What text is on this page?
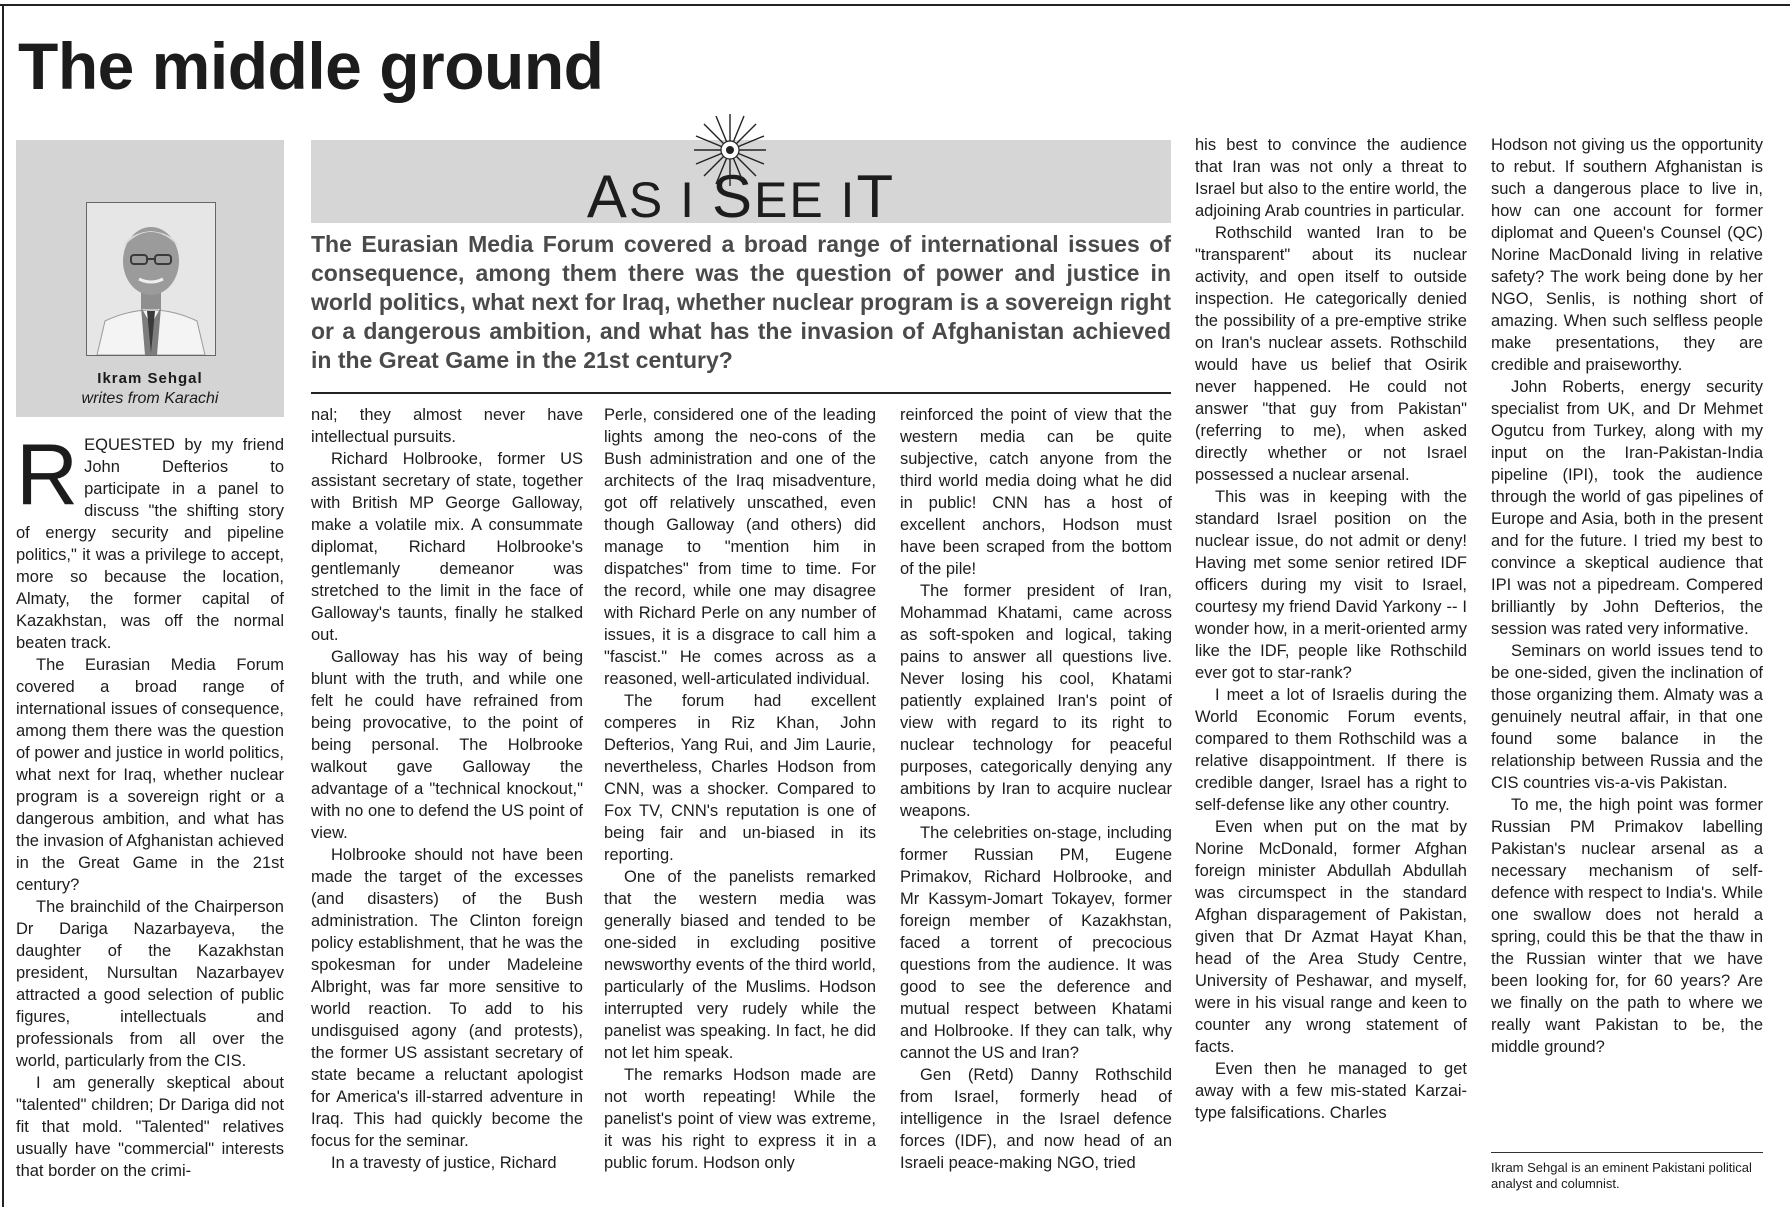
The middle ground
Ikram Sehgal
writes from Karachi
AS I SEE IT

The Eurasian Media Forum covered a broad range of international issues of consequence, among them there was the question of power and justice in world politics, what next for Iraq, whether nuclear program is a sovereign right or a dangerous ambition, and what has the invasion of Afghanistan achieved in the Great Game in the 21st century?

REQUESTED by my friend John Defterios to participate in a panel to discuss "the shifting story of energy security and pipeline politics," it was a privilege to accept, more so because the location, Almaty, the former capital of Kazakhstan, was off the normal beaten track.

The Eurasian Media Forum covered a broad range of international issues of consequence, among them there was the question of power and justice in world politics, what next for Iraq, whether nuclear program is a sovereign right or a dangerous ambition, and what has the invasion of Afghanistan achieved in the Great Game in the 21st century?

The brainchild of the Chairperson Dr Dariga Nazarbayeva, the daughter of the Kazakhstan president, Nursultan Nazarbayev attracted a good selection of public figures, intellectuals and professionals from all over the world, particularly from the CIS.

I am generally skeptical about "talented" children; Dr Dariga did not fit that mold. "Talented" relatives usually have "commercial" interests that border on the crimi-

nal; they almost never have intellectual pursuits.

Richard Holbrooke, former US assistant secretary of state, together with British MP George Galloway, make a volatile mix. A consummate diplomat, Richard Holbrooke's gentlemanly demeanor was stretched to the limit in the face of Galloway's taunts, finally he stalked out.

Galloway has his way of being blunt with the truth, and while one felt he could have refrained from being provocative, to the point of being personal. The Holbrooke walkout gave Galloway the advantage of a "technical knockout," with no one to defend the US point of view.

Holbrooke should not have been made the target of the excesses (and disasters) of the Bush administration. The Clinton foreign policy establishment, that he was the spokesman for under Madeleine Albright, was far more sensitive to world reaction. To add to his undisguised agony (and protests), the former US assistant secretary of state became a reluctant apologist for America's ill-starred adventure in Iraq. This had quickly become the focus for the seminar.

In a travesty of justice, Richard

Perle, considered one of the leading lights among the neo-cons of the Bush administration and one of the architects of the Iraq misadventure, got off relatively unscathed, even though Galloway (and others) did manage to "mention him in dispatches" from time to time. For the record, while one may disagree with Richard Perle on any number of issues, it is a disgrace to call him a "fascist." He comes across as a reasoned, well-articulated individual.

The forum had excellent comperes in Riz Khan, John Defterios, Yang Rui, and Jim Laurie, nevertheless, Charles Hodson from CNN, was a shocker. Compared to Fox TV, CNN's reputation is one of being fair and un-biased in its reporting.

One of the panelists remarked that the western media was generally biased and tended to be one-sided in excluding positive newsworthy events of the third world, particularly of the Muslims. Hodson interrupted very rudely while the panelist was speaking. In fact, he did not let him speak.

The remarks Hodson made are not worth repeating! While the panelist's point of view was extreme, it was his right to express it in a public forum. Hodson only

reinforced the point of view that the western media can be quite subjective, catch anyone from the third world media doing what he did in public! CNN has a host of excellent anchors, Hodson must have been scraped from the bottom of the pile!

The former president of Iran, Mohammad Khatami, came across as soft-spoken and logical, taking pains to answer all questions live. Never losing his cool, Khatami patiently explained Iran's point of view with regard to its right to nuclear technology for peaceful purposes, categorically denying any ambitions by Iran to acquire nuclear weapons.

The celebrities on-stage, including former Russian PM, Eugene Primakov, Richard Holbrooke, and Mr Kassym-Jomart Tokayev, former foreign member of Kazakhstan, faced a torrent of precocious questions from the audience. It was good to see the deference and mutual respect between Khatami and Holbrooke. If they can talk, why cannot the US and Iran?

Gen (Retd) Danny Rothschild from Israel, formerly head of intelligence in the Israel defence forces (IDF), and now head of an Israeli peace-making NGO, tried

his best to convince the audience that Iran was not only a threat to Israel but also to the entire world, the adjoining Arab countries in particular.

Rothschild wanted Iran to be "transparent" about its nuclear activity, and open itself to outside inspection. He categorically denied the possibility of a pre-emptive strike on Iran's nuclear assets. Rothschild would have us belief that Osirik never happened. He could not answer "that guy from Pakistan" (referring to me), when asked directly whether or not Israel possessed a nuclear arsenal.

This was in keeping with the standard Israel position on the nuclear issue, do not admit or deny! Having met some senior retired IDF officers during my visit to Israel, courtesy my friend David Yarkony -- I wonder how, in a merit-oriented army like the IDF, people like Rothschild ever got to star-rank?

I meet a lot of Israelis during the World Economic Forum events, compared to them Rothschild was a relative disappointment. If there is credible danger, Israel has a right to self-defense like any other country.

Even when put on the mat by Norine McDonald, former Afghan foreign minister Abdullah Abdullah was circumspect in the standard Afghan disparagement of Pakistan, given that Dr Azmat Hayat Khan, head of the Area Study Centre, University of Peshawar, and myself, were in his visual range and keen to counter any wrong statement of facts.

Even then he managed to get away with a few mis-stated Karzai-type falsifications. Charles

Hodson not giving us the opportunity to rebut. If southern Afghanistan is such a dangerous place to live in, how can one account for former diplomat and Queen's Counsel (QC) Norine MacDonald living in relative safety? The work being done by her NGO, Senlis, is nothing short of amazing. When such selfless people make presentations, they are credible and praiseworthy.

John Roberts, energy security specialist from UK, and Dr Mehmet Ogutcu from Turkey, along with my input on the Iran-Pakistan-India pipeline (IPI), took the audience through the world of gas pipelines of Europe and Asia, both in the present and for the future. I tried my best to convince a skeptical audience that IPI was not a pipedream. Compered brilliantly by John Defterios, the session was rated very informative.

Seminars on world issues tend to be one-sided, given the inclination of those organizing them. Almaty was a genuinely neutral affair, in that one found some balance in the relationship between Russia and the CIS countries vis-a-vis Pakistan.

To me, the high point was former Russian PM Primakov labelling Pakistan's nuclear arsenal as a necessary mechanism of self-defence with respect to India's. While one swallow does not herald a spring, could this be that the thaw in the Russian winter that we have been looking for, for 60 years? Are we finally on the path to where we really want Pakistan to be, the middle ground?

Ikram Sehgal is an eminent Pakistani political analyst and columnist.
